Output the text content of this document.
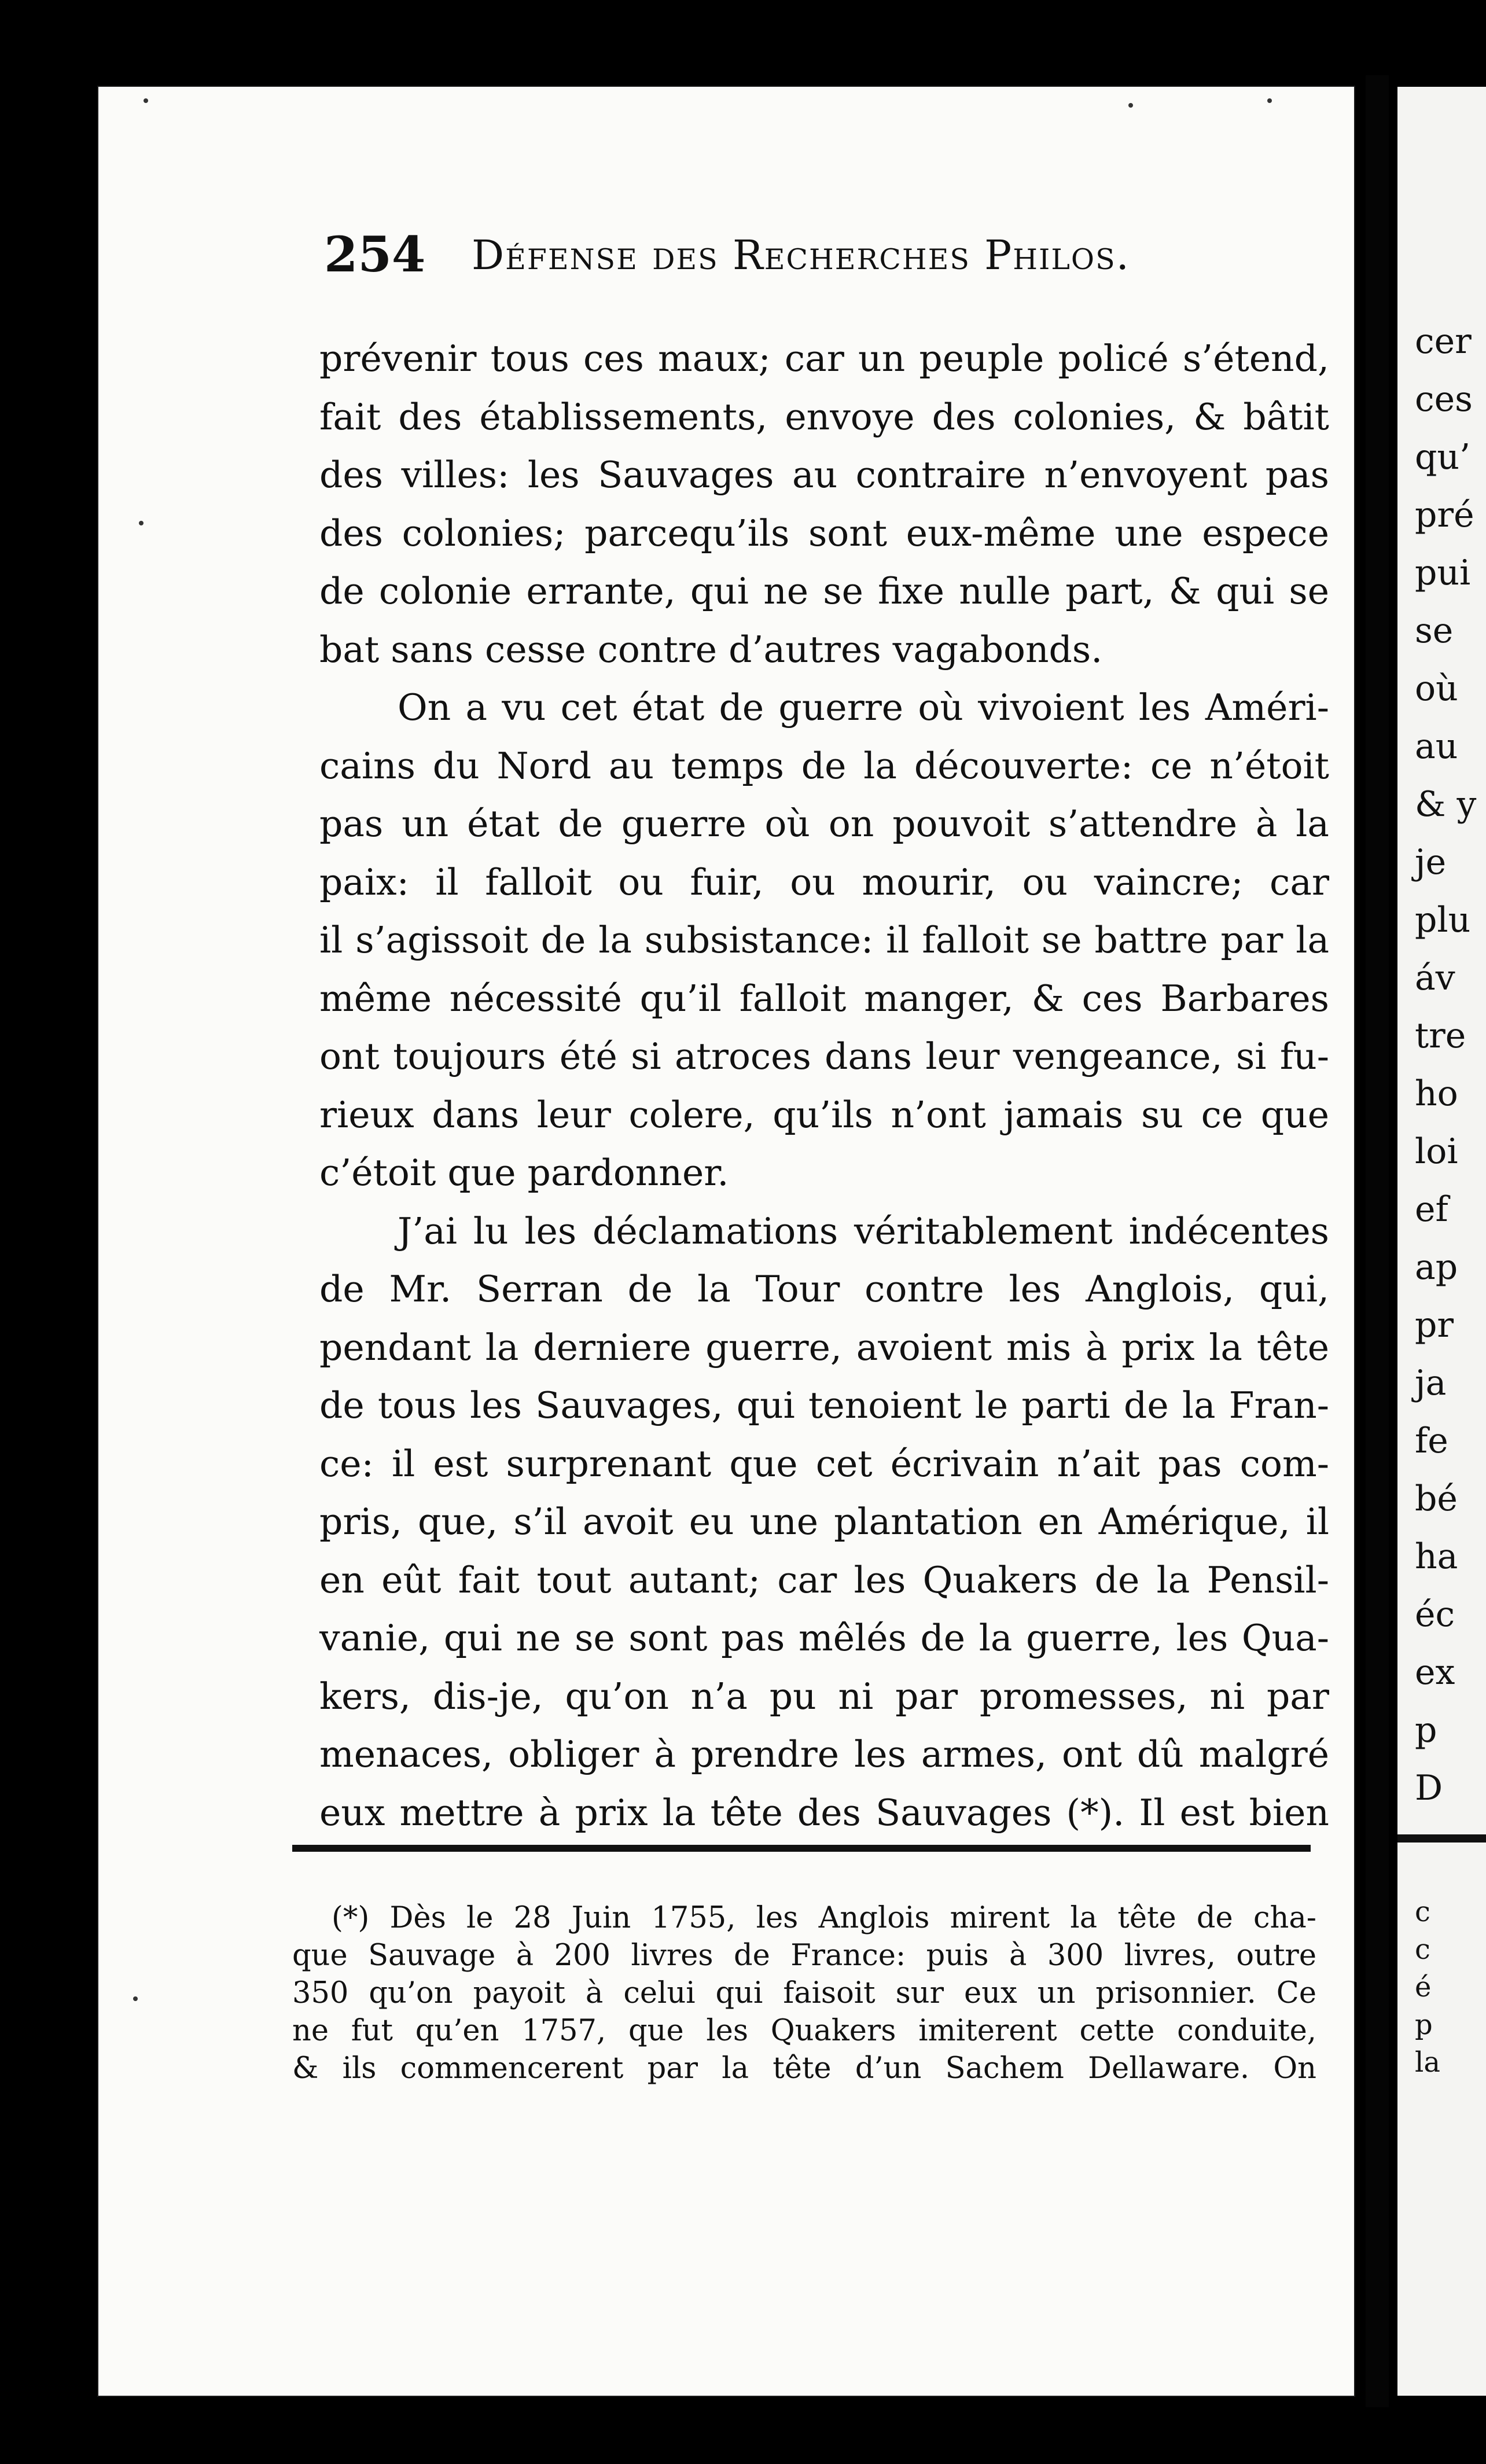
254 Défense des Recherches Philos.
prévenir tous ces maux; car un peuple policé s’étend,
fait des établissements, envoye des colonies, & bâtit
des villes: les Sauvages au contraire n’envoyent pas
des colonies; parcequ’ils sont eux-même une espece
de colonie errante, qui ne se fixe nulle part, & qui se
bat sans cesse contre d’autres vagabonds.
On a vu cet état de guerre où vivoient les Améri-
cains du Nord au temps de la découverte: ce n’étoit
pas un état de guerre où on pouvoit s’attendre à la
paix: il falloit ou fuir, ou mourir, ou vaincre; car
il s’agissoit de la subsistance: il falloit se battre par la
même nécessité qu’il falloit manger, & ces Barbares
ont toujours été si atroces dans leur vengeance, si fu-
rieux dans leur colere, qu’ils n’ont jamais su ce que
c’étoit que pardonner.
J’ai lu les déclamations véritablement indécentes
de Mr. Serran de la Tour contre les Anglois, qui,
pendant la derniere guerre, avoient mis à prix la tête
de tous les Sauvages, qui tenoient le parti de la Fran-
ce: il est surprenant que cet écrivain n’ait pas com-
pris, que, s’il avoit eu une plantation en Amérique, il
en eût fait tout autant; car les Quakers de la Pensil-
vanie, qui ne se sont pas mêlés de la guerre, les Qua-
kers, dis-je, qu’on n’a pu ni par promesses, ni par
menaces, obliger à prendre les armes, ont dû malgré
eux mettre à prix la tête des Sauvages (*). Il est bien
(*) Dès le 28 Juin 1755, les Anglois mirent la tête de cha-
que Sauvage à 200 livres de France: puis à 300 livres, outre
350 qu’on payoit à celui qui faisoit sur eux un prisonnier. Ce
ne fut qu’en 1757, que les Quakers imiterent cette conduite,
& ils commencerent par la tête d’un Sachem Dellaware. On
cer
ces
qu’
pré
pui
se
où
au
& y
je
plu
áv
tre
ho
loi
ef
ap
pr
ja
fe
bé
ha
éc
ex
p
D
c
c
é
p
la
